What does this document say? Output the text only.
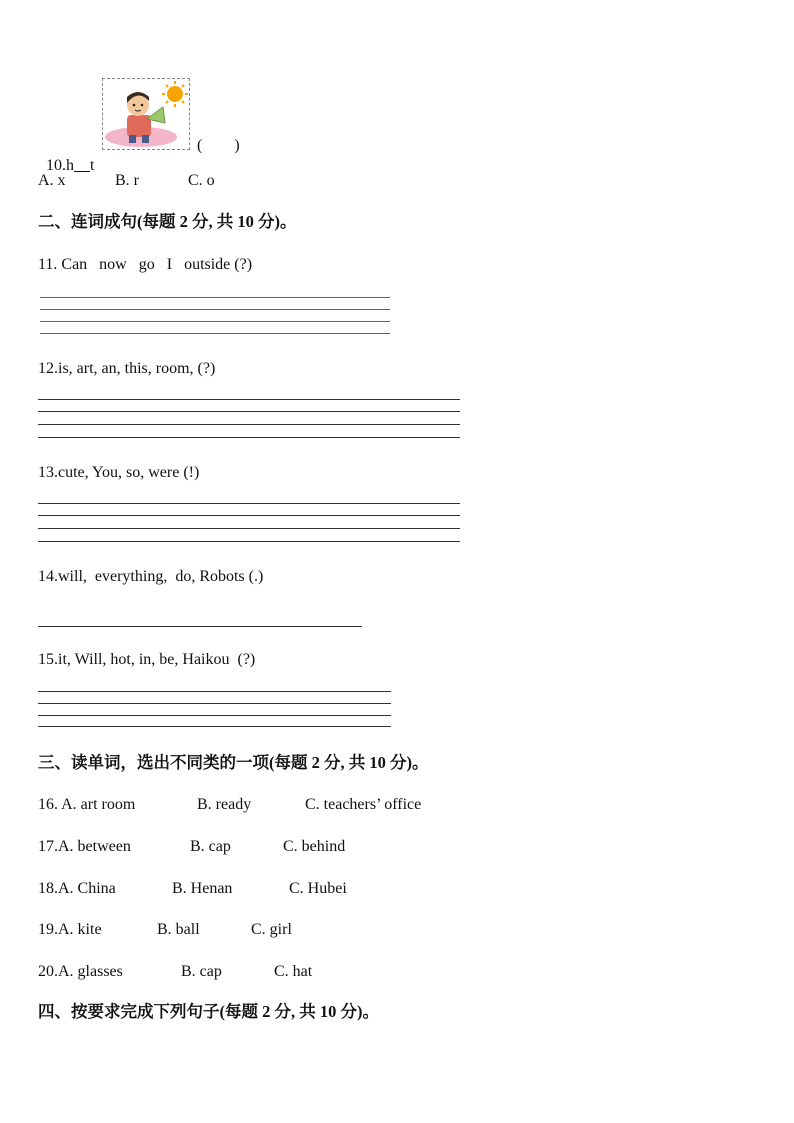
10.h__t

(        )
A. x	B. r	C. o
二、连词成句(每题 2 分, 共 10 分)。
11. Can   now   go   I   outside (?)
12.is, art, an, this, room, (?)
13.cute, You, so, were (!)
14.will,  everything,  do, Robots (.)
15.it, Will, hot, in, be, Haikou  (?)
三、读单词，选出不同类的一项(每题 2 分, 共 10 分)。
16. A. art room	B. ready	C. teachers’ office
17.A. between	B. cap	C. behind
18.A. China	B. Henan	C. Hubei
19.A. kite	B. ball	C. girl
20.A. glasses	B. cap	C. hat
四、按要求完成下列句子(每题 2 分, 共 10 分)。
